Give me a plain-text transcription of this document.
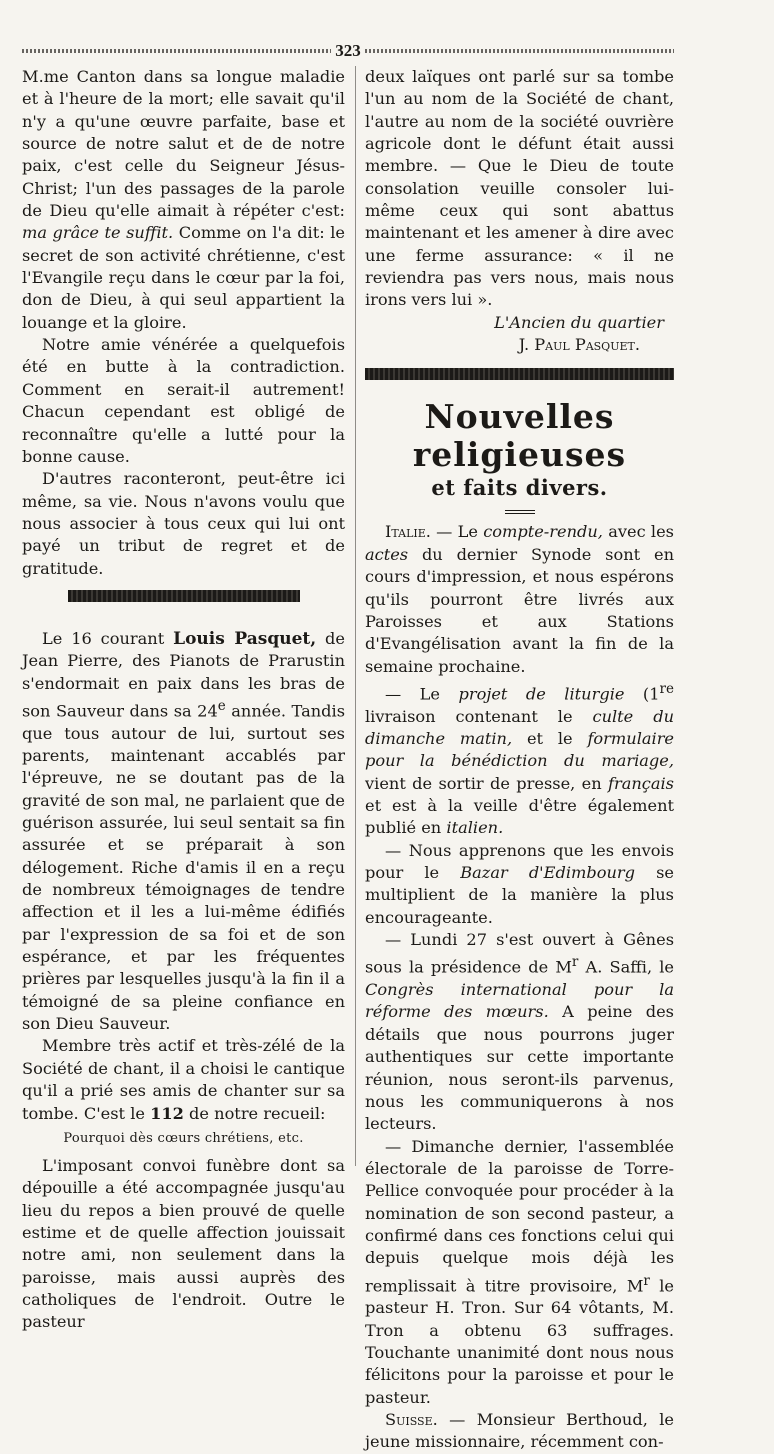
323

M.me Canton dans sa longue maladie et à l'heure de la mort; elle savait qu'il n'y a qu'une œuvre parfaite, base et source de notre salut et de de notre paix, c'est celle du Seigneur Jésus-Christ; l'un des passages de la parole de Dieu qu'elle aimait à répéter c'est: ma grâce te suffit. Comme on l'a dit: le secret de son activité chrétienne, c'est l'Evangile reçu dans le cœur par la foi, don de Dieu, à qui seul appartient la louange et la gloire.

Notre amie vénérée a quelquefois été en butte à la contradiction. Comment en serait-il autrement! Chacun cependant est obligé de reconnaître qu'elle a lutté pour la bonne cause.

D'autres raconteront, peut-être ici même, sa vie. Nous n'avons voulu que nous associer à tous ceux qui lui ont payé un tribut de regret et de gratitude.

Le 16 courant Louis Pasquet, de Jean Pierre, des Pianots de Prarustin s'endormait en paix dans les bras de son Sauveur dans sa 24e année. Tandis que tous autour de lui, surtout ses parents, maintenant accablés par l'épreuve, ne se doutant pas de la gravité de son mal, ne parlaient que de guérison assurée, lui seul sentait sa fin assurée et se préparait à son délogement. Riche d'amis il en a reçu de nombreux témoignages de tendre affection et il les a lui-même édifiés par l'expression de sa foi et de son espérance, et par les fréquentes prières par lesquelles jusqu'à la fin il a témoigné de sa pleine confiance en son Dieu Sauveur.

Membre très actif et très-zélé de la Société de chant, il a choisi le cantique qu'il a prié ses amis de chanter sur sa tombe. C'est le 112 de notre recueil:

Pourquoi dès cœurs chrétiens, etc.

L'imposant convoi funèbre dont sa dépouille a été accompagnée jusqu'au lieu du repos a bien prouvé de quelle estime et de quelle affection jouissait notre ami, non seulement dans la paroisse, mais aussi auprès des catholiques de l'endroit. Outre le pasteur

deux laïques ont parlé sur sa tombe l'un au nom de la Société de chant, l'autre au nom de la société ouvrière agricole dont le défunt était aussi membre. — Que le Dieu de toute consolation veuille consoler lui-même ceux qui sont abattus maintenant et les amener à dire avec une ferme assurance: « il ne reviendra pas vers nous, mais nous irons vers lui ».

L'Ancien du quartier

J. Paul Pasquet.

Nouvelles religieuses
et faits divers.

Italie. — Le compte-rendu, avec les actes du dernier Synode sont en cours d'impression, et nous espérons qu'ils pourront être livrés aux Paroisses et aux Stations d'Evangélisation avant la fin de la semaine prochaine.

— Le projet de liturgie (1re livraison contenant le culte du dimanche matin, et le formulaire pour la bénédiction du mariage, vient de sortir de presse, en français et est à la veille d'être également publié en italien.

— Nous apprenons que les envois pour le Bazar d'Edimbourg se multiplient de la manière la plus encourageante.

— Lundi 27 s'est ouvert à Gênes sous la présidence de $M^r$ A. Saffi, le Congrès international pour la réforme des mœurs. A peine des détails que nous pourrons juger authentiques sur cette importante réunion, nous seront-ils parvenus, nous les communiquerons à nos lecteurs.

— Dimanche dernier, l'assemblée électorale de la paroisse de Torre-Pellice convoquée pour procéder à la nomination de son second pasteur, a confirmé dans ces fonctions celui qui depuis quelque mois déjà les remplissait à titre provisoire, $M^r$ le pasteur H. Tron. Sur 64 vôtants, M. Tron a obtenu 63 suffrages. Touchante unanimité dont nous nous félicitons pour la paroisse et pour le pasteur.

Suisse. — Monsieur Berthoud, le jeune missionnaire, récemment con-
